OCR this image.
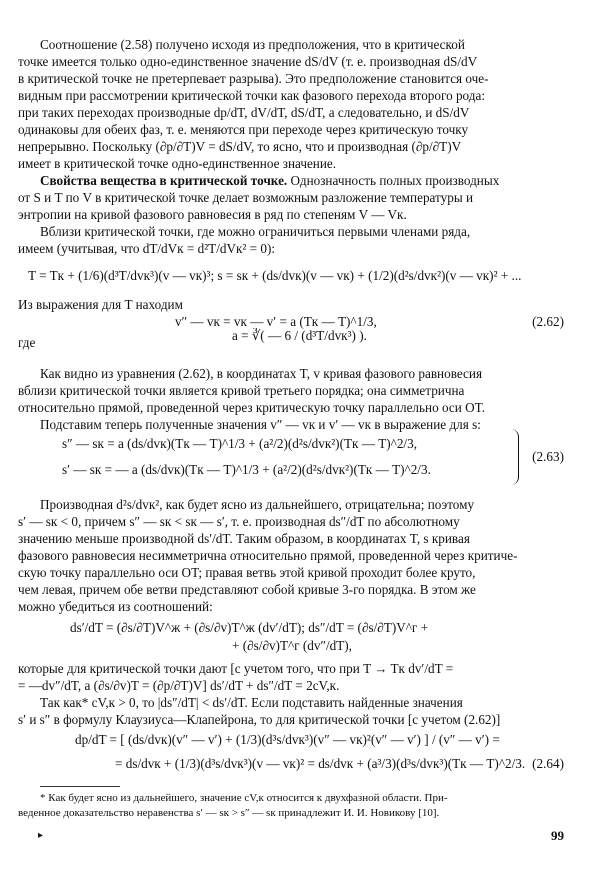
Соотношение (2.58) получено исходя из предположения, что в критической
точке имеется только одно-единственное значение dS/dV (т. е. производная dS/dV
в критической точке не претерпевает разрыва). Это предположение становится оче-
видным при рассмотрении критической точки как фазового перехода второго рода:
при таких переходах производные dp/dT, dV/dT, dS/dT, а следовательно, и dS/dV
одинаковы для обеих фаз, т. е. меняются при переходе через критическую точку
непрерывно. Поскольку (∂p/∂T)V = dS/dV, то ясно, что и производная (∂p/∂T)V
имеет в критической точке одно-единственное значение.
Свойства вещества в критической точке. Однозначность полных производных
от S и T по V в критической точке делает возможным разложение температуры и
энтропии на кривой фазового равновесия в ряд по степеням V — Vк.
Вблизи критической точки, где можно ограничиться первыми членами ряда,
имеем (учитывая, что dT/dVк = d²T/dVк² = 0):
T = Tк + (1/6)(d³T/dvк³)(v — vк)³; s = sк + (ds/dvк)(v — vк) + (1/2)(d²s/dvк²)(v — vк)² + ...
Из выражения для T находим
v″ — vк = vк — v′ = a (Tк — T)^1/3,	(2.62)
где	a = ∛( — 6 / (d³T/dvк³) ).
Как видно из уравнения (2.62), в координатах T, v кривая фазового равновесия
вблизи критической точки является кривой третьего порядка; она симметрична
относительно прямой, проведенной через критическую точку параллельно оси OT.
Подставим теперь полученные значения v″ — vк и v′ — vк в выражение для s:
s″ — sк = a (ds/dvк)(Tк — T)^1/3 + (a²/2)(d²s/dvк²)(Tк — T)^2/3,
s′ — sк = — a (ds/dvк)(Tк — T)^1/3 + (a²/2)(d²s/dvк²)(Tк — T)^2/3.
(2.63)
Производная d²s/dvк², как будет ясно из дальнейшего, отрицательна; поэтому
s′ — sк < 0, причем s″ — sк < sк — s′, т. е. производная ds″/dT по абсолютному
значению меньше производной ds′/dT. Таким образом, в координатах T, s кривая
фазового равновесия несимметрична относительно прямой, проведенной через критиче-
скую точку параллельно оси OT; правая ветвь этой кривой проходит более круто,
чем левая, причем обе ветви представляют собой кривые 3-го порядка. В этом же
можно убедиться из соотношений:
ds′/dT = (∂s/∂T)V^ж + (∂s/∂v)T^ж (dv′/dT); ds″/dT = (∂s/∂T)V^г +
+ (∂s/∂v)T^г (dv″/dT),
которые для критической точки дают [с учетом того, что при T → Tк dv′/dT =
= —dv″/dT, а (∂s/∂v)T = (∂p/∂T)V] ds′/dT + ds″/dT = 2cV,к.
Так как* cV,к > 0, то |ds″/dT| < ds′/dT. Если подставить найденные значения
s′ и s″ в формулу Клаузиуса—Клапейрона, то для критической точки [с учетом (2.62)]
dp/dT = [ (ds/dvк)(v″ — v′) + (1/3)(d³s/dvк³)(v″ — vк)²(v″ — v′) ] / (v″ — v′) =
= ds/dvк + (1/3)(d³s/dvк³)(v — vк)² = ds/dvк + (a³/3)(d³s/dvк³)(Tк — T)^2/3. (2.64)
* Как будет ясно из дальнейшего, значение cV,к относится к двухфазной области. При-
веденное доказательство неравенства s′ — sк > s″ — sк принадлежит И. И. Новикову [10].
▸	99
